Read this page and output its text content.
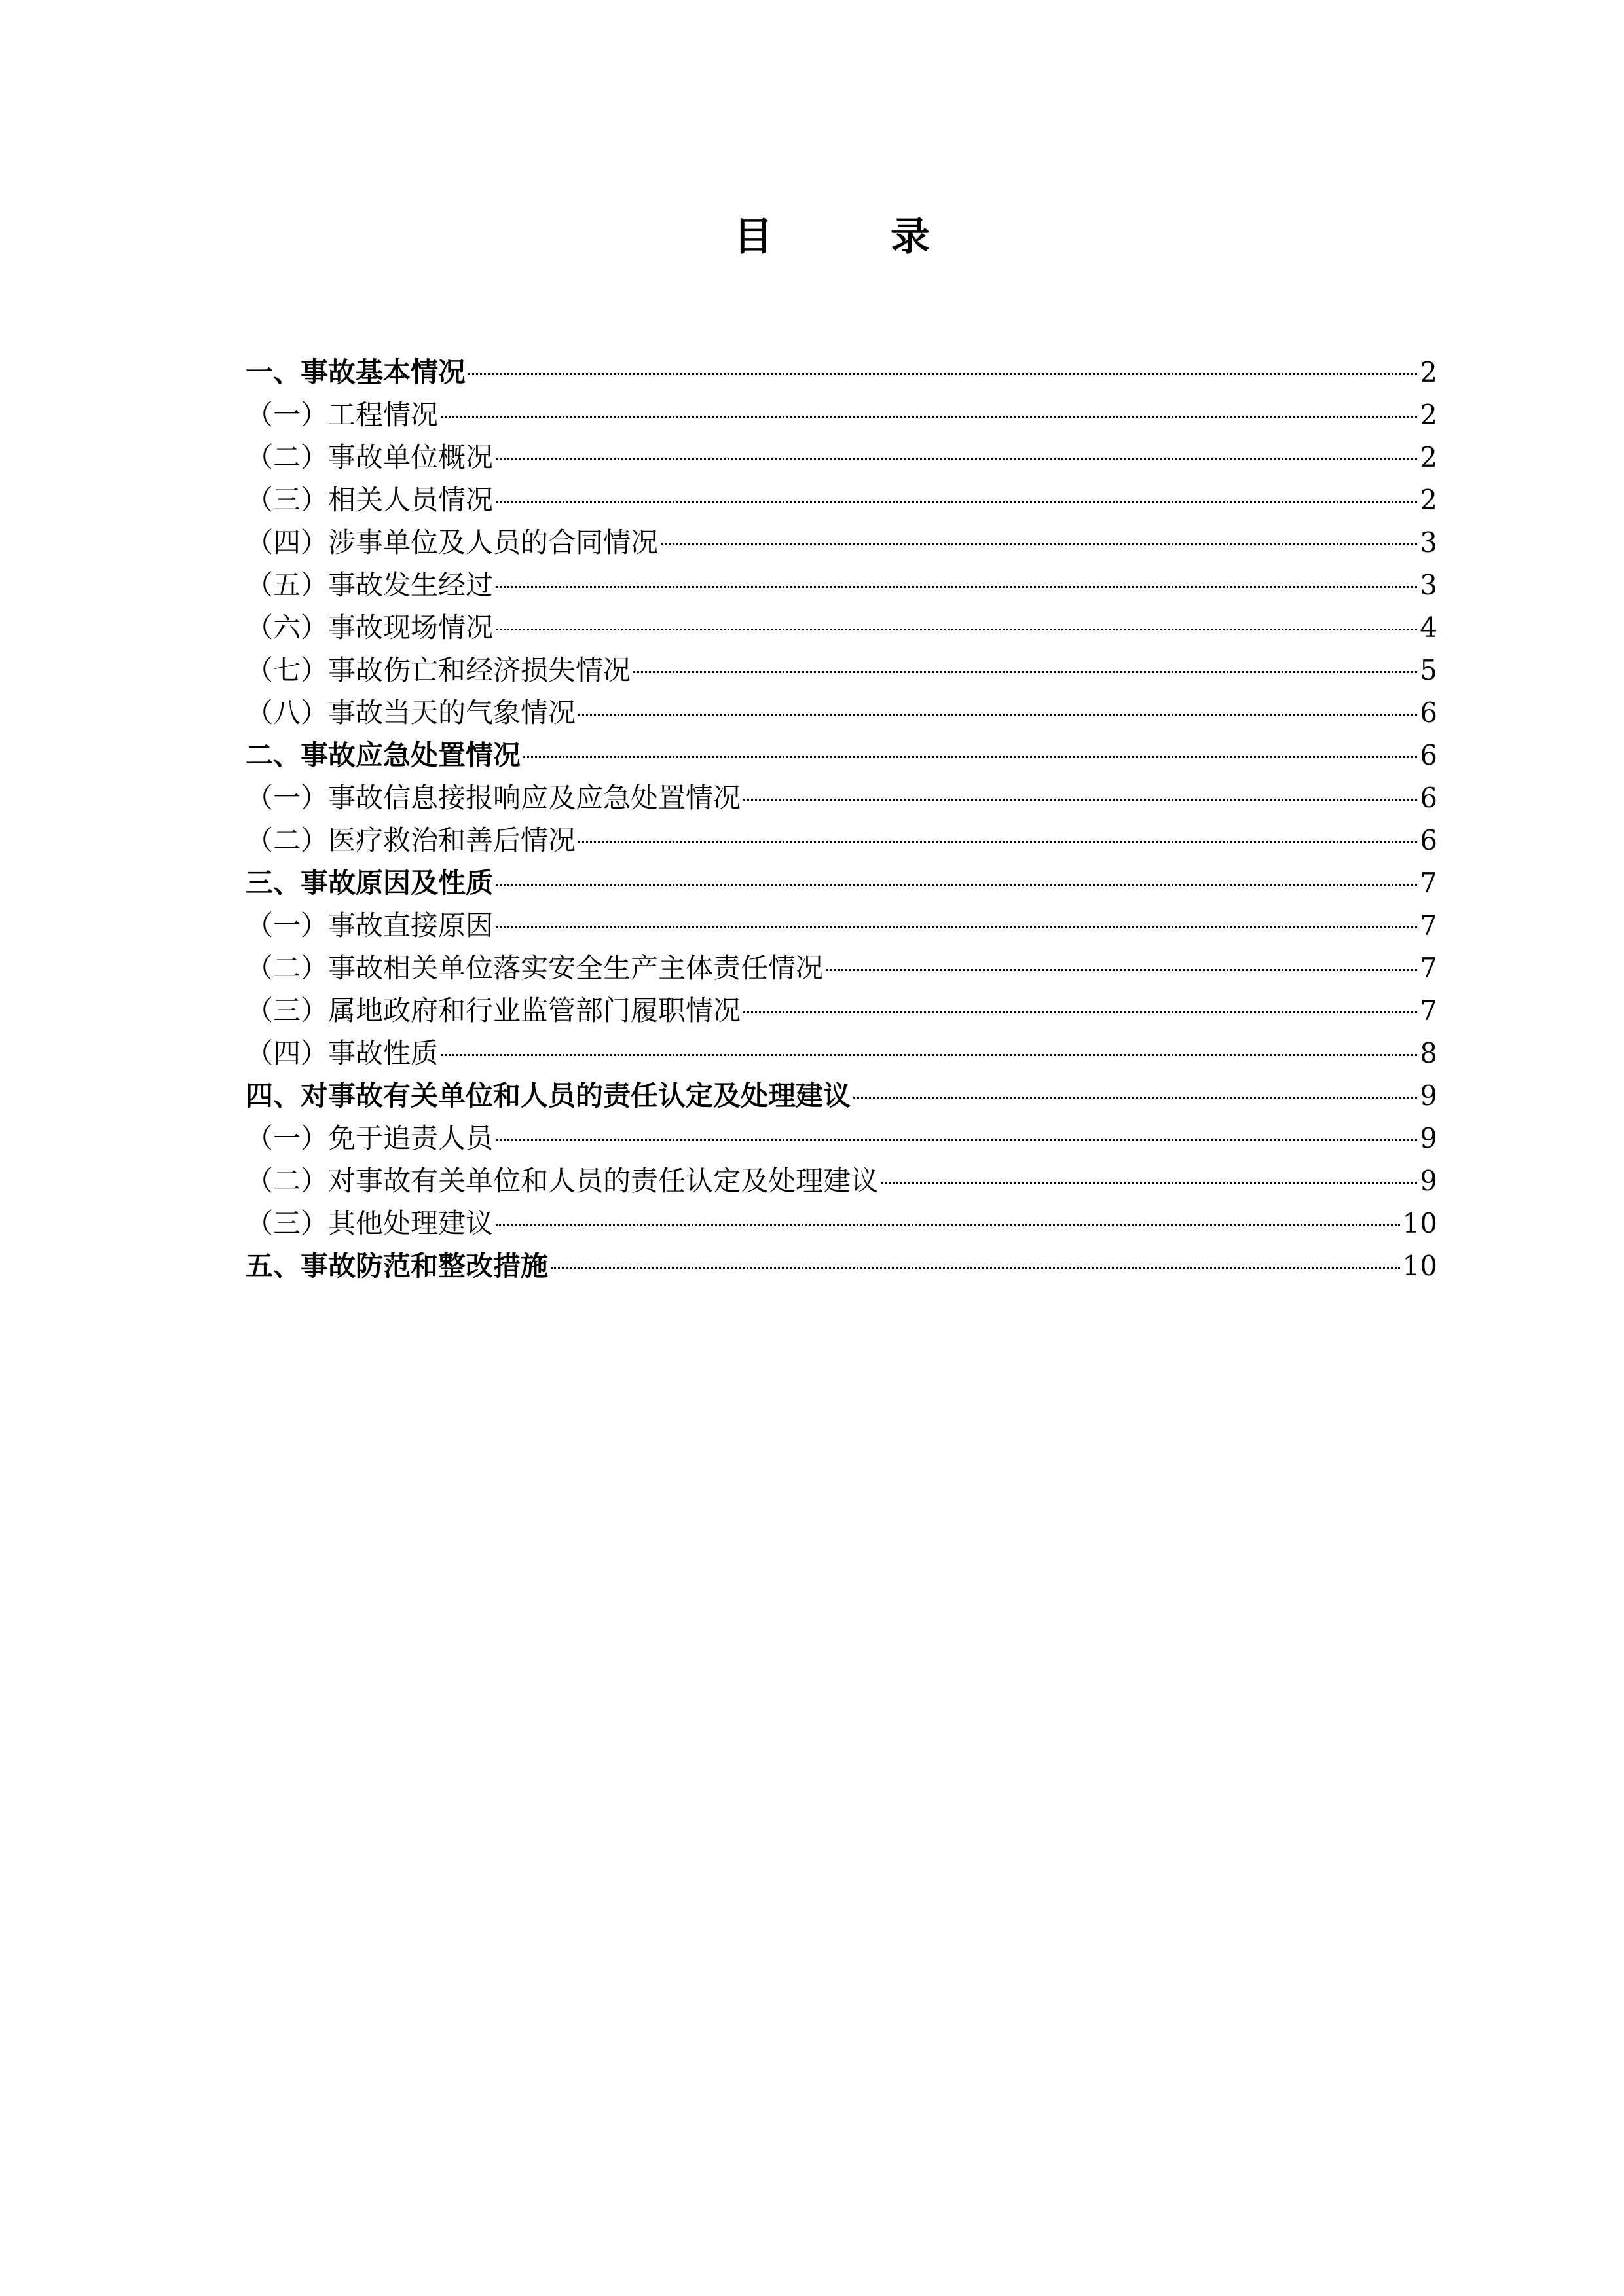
目　录
一、事故基本情况	2
（一）工程情况	2
（二）事故单位概况	2
（三）相关人员情况	2
（四）涉事单位及人员的合同情况	3
（五）事故发生经过	3
（六）事故现场情况	4
（七）事故伤亡和经济损失情况	5
（八）事故当天的气象情况	6
二、事故应急处置情况	6
（一）事故信息接报响应及应急处置情况	6
（二）医疗救治和善后情况	6
三、事故原因及性质	7
（一）事故直接原因	7
（二）事故相关单位落实安全生产主体责任情况	7
（三）属地政府和行业监管部门履职情况	7
（四）事故性质	8
四、对事故有关单位和人员的责任认定及处理建议	9
（一）免于追责人员	9
（二）对事故有关单位和人员的责任认定及处理建议	9
（三）其他处理建议	10
五、事故防范和整改措施	10
